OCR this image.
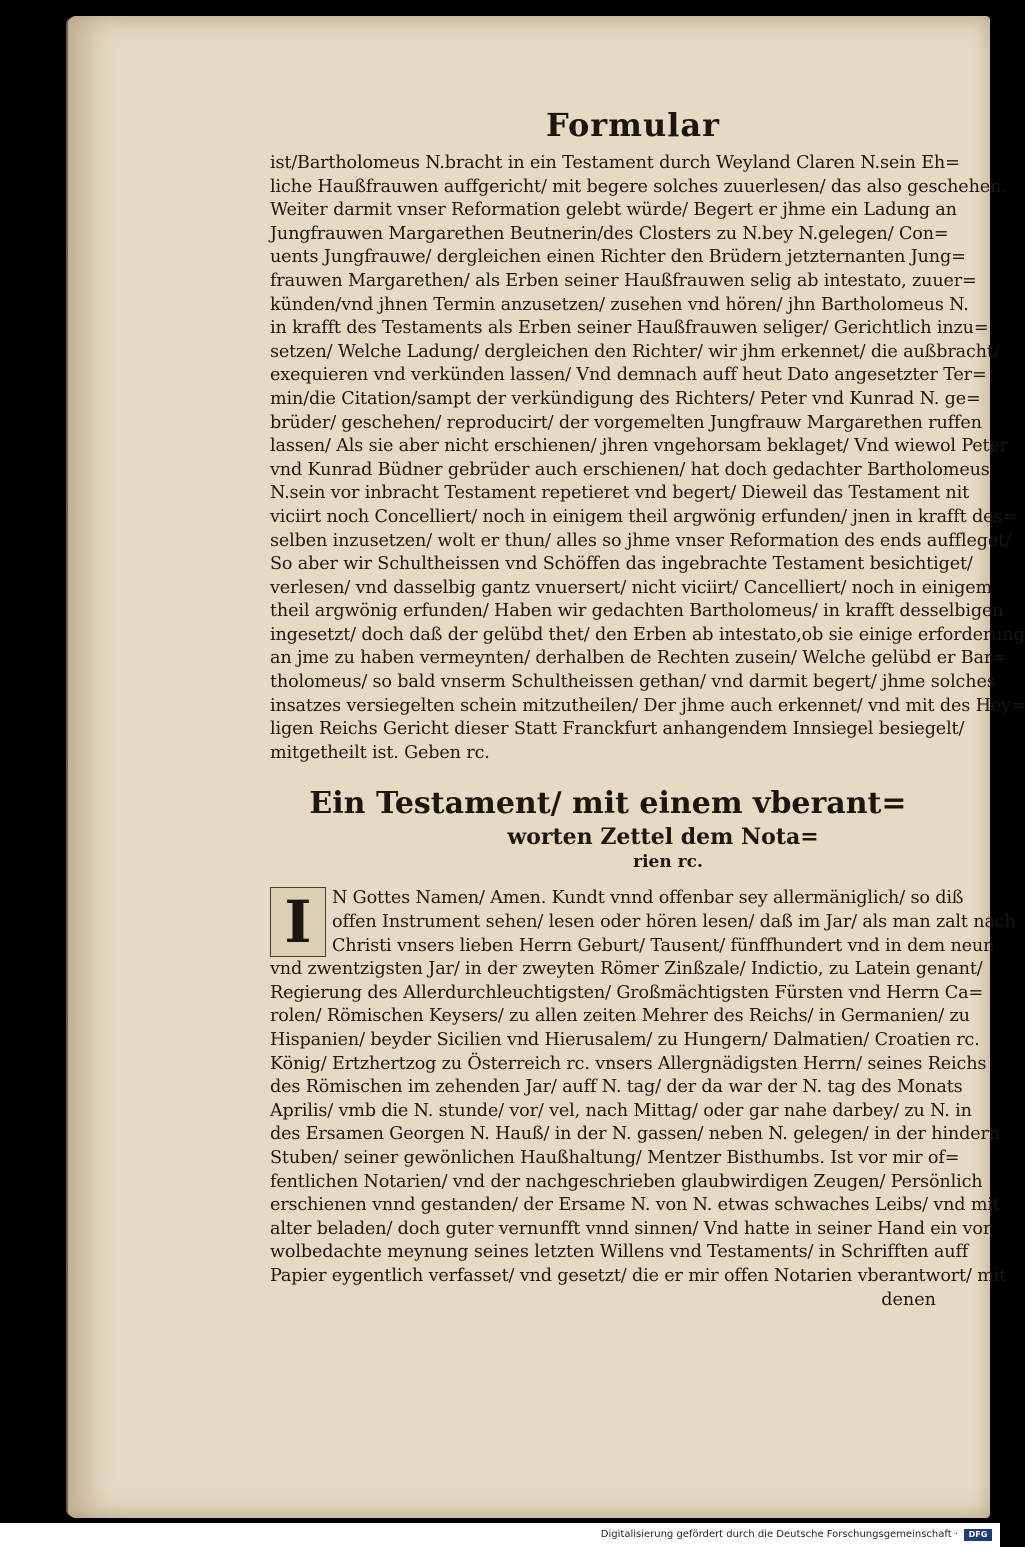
Formular
ist/Bartholomeus N.bracht in ein Testament durch Weyland Claren N.sein Eh=
liche Haußfrauwen auffgericht/ mit begere solches zuuerlesen/ das also geschehen.
Weiter darmit vnser Reformation gelebt würde/ Begert er jhme ein Ladung an
Jungfrauwen Margarethen Beutnerin/des Closters zu N.bey N.gelegen/ Con=
uents Jungfrauwe/ dergleichen einen Richter den Brüdern jetzternanten Jung=
frauwen Margarethen/ als Erben seiner Haußfrauwen selig ab intestato, zuuer=
künden/vnd jhnen Termin anzusetzen/ zusehen vnd hören/ jhn Bartholomeus N.
in krafft des Testaments als Erben seiner Haußfrauwen seliger/ Gerichtlich inzu=
setzen/ Welche Ladung/ dergleichen den Richter/ wir jhm erkennet/ die außbracht/
exequieren vnd verkünden lassen/ Vnd demnach auff heut Dato angesetzter Ter=
min/die Citation/sampt der verkündigung des Richters/ Peter vnd Kunrad N. ge=
brüder/ geschehen/ reproducirt/ der vorgemelten Jungfrauw Margarethen ruffen
lassen/ Als sie aber nicht erschienen/ jhren vngehorsam beklaget/ Vnd wiewol Peter
vnd Kunrad Büdner gebrüder auch erschienen/ hat doch gedachter Bartholomeus
N.sein vor inbracht Testament repetieret vnd begert/ Dieweil das Testament nit
viciirt noch Concelliert/ noch in einigem theil argwönig erfunden/ jnen in krafft des=
selben inzusetzen/ wolt er thun/ alles so jhme vnser Reformation des ends auffleget/
So aber wir Schultheissen vnd Schöffen das ingebrachte Testament besichtiget/
verlesen/ vnd dasselbig gantz vnuersert/ nicht viciirt/ Cancelliert/ noch in einigem
theil argwönig erfunden/ Haben wir gedachten Bartholomeus/ in krafft desselbigen
ingesetzt/ doch daß der gelübd thet/ den Erben ab intestato,ob sie einige erforderung
an jme zu haben vermeynten/ derhalben de Rechten zusein/ Welche gelübd er Bar=
tholomeus/ so bald vnserm Schultheissen gethan/ vnd darmit begert/ jhme solches
insatzes versiegelten schein mitzutheilen/ Der jhme auch erkennet/ vnd mit des Hey=
ligen Reichs Gericht dieser Statt Franckfurt anhangendem Innsiegel besiegelt/
mitgetheilt ist. Geben rc.
Ein Testament/ mit einem vberant=
worten Zettel dem Nota=
rien rc.
I	N Gottes Namen/ Amen. Kundt vnnd offenbar sey allermäniglich/ so diß
offen Instrument sehen/ lesen oder hören lesen/ daß im Jar/ als man zalt nach
Christi vnsers lieben Herrn Geburt/ Tausent/ fünffhundert vnd in dem neun
vnd zwentzigsten Jar/ in der zweyten Römer Zinßzale/ Indictio, zu Latein genant/
Regierung des Allerdurchleuchtigsten/ Großmächtigsten Fürsten vnd Herrn Ca=
rolen/ Römischen Keysers/ zu allen zeiten Mehrer des Reichs/ in Germanien/ zu
Hispanien/ beyder Sicilien vnd Hierusalem/ zu Hungern/ Dalmatien/ Croatien rc.
König/ Ertzhertzog zu Österreich rc. vnsers Allergnädigsten Herrn/ seines Reichs
des Römischen im zehenden Jar/ auff N. tag/ der da war der N. tag des Monats
Aprilis/ vmb die N. stunde/ vor/ vel, nach Mittag/ oder gar nahe darbey/ zu N. in
des Ersamen Georgen N. Hauß/ in der N. gassen/ neben N. gelegen/ in der hindern
Stuben/ seiner gewönlichen Haußhaltung/ Mentzer Bisthumbs. Ist vor mir of=
fentlichen Notarien/ vnd der nachgeschrieben glaubwirdigen Zeugen/ Persönlich
erschienen vnnd gestanden/ der Ersame N. von N. etwas schwaches Leibs/ vnd mit
alter beladen/ doch guter vernunfft vnnd sinnen/ Vnd hatte in seiner Hand ein vor
wolbedachte meynung seines letzten Willens vnd Testaments/ in Schrifften auff
Papier eygentlich verfasset/ vnd gesetzt/ die er mir offen Notarien vberantwort/ mit
denen
Digitalisierung gefördert durch die Deutsche Forschungsgemeinschaft ·	DFG
